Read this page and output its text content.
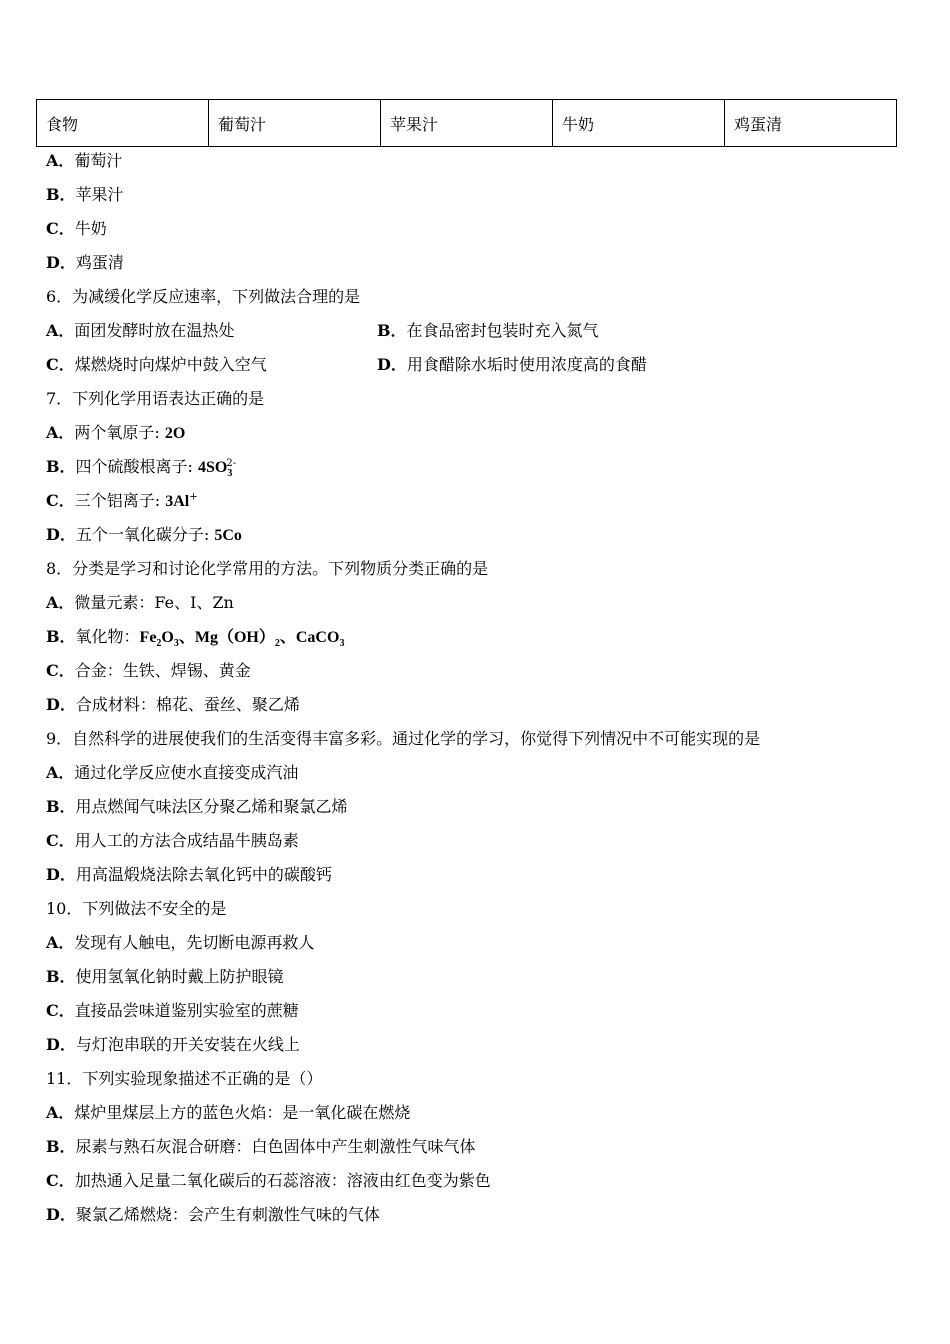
食物	葡萄汁	苹果汁	牛奶	鸡蛋清
A．葡萄汁
B．苹果汁
C．牛奶
D．鸡蛋清
6．为减缓化学反应速率，下列做法合理的是
A．面团发酵时放在温热处	B．在食品密封包装时充入氮气
C．煤燃烧时向煤炉中鼓入空气	D．用食醋除水垢时使用浓度高的食醋
7．下列化学用语表达正确的是
A．两个氧原子: 2O
B．四个硫酸根离子: $4SO_3^{2-}$
C．三个铝离子: 3Al+
D．五个一氧化碳分子: 5Co
8．分类是学习和讨论化学常用的方法。下列物质分类正确的是
A．微量元素：Fe、I、Zn
B．氧化物：$Fe_2O_3$、$Mg(OH)_2$、CaCO$_3$
C．合金：生铁、焊锡、黄金
D．合成材料：棉花、蚕丝、聚乙烯
9．自然科学的进展使我们的生活变得丰富多彩。通过化学的学习，你觉得下列情况中不可能实现的是
A．通过化学反应使水直接变成汽油
B．用点燃闻气味法区分聚乙烯和聚氯乙烯
C．用人工的方法合成结晶牛胰岛素
D．用高温煅烧法除去氧化钙中的碳酸钙
10．下列做法不安全的是
A．发现有人触电，先切断电源再救人
B．使用氢氧化钠时戴上防护眼镜
C．直接品尝味道鉴别实验室的蔗糖
D．与灯泡串联的开关安装在火线上
11．下列实验现象描述不正确的是（）
A．煤炉里煤层上方的蓝色火焰：是一氧化碳在燃烧
B．尿素与熟石灰混合研磨：白色固体中产生刺激性气味气体
C．加热通入足量二氧化碳后的石蕊溶液：溶液由红色变为紫色
D．聚氯乙烯燃烧：会产生有刺激性气味的气体
